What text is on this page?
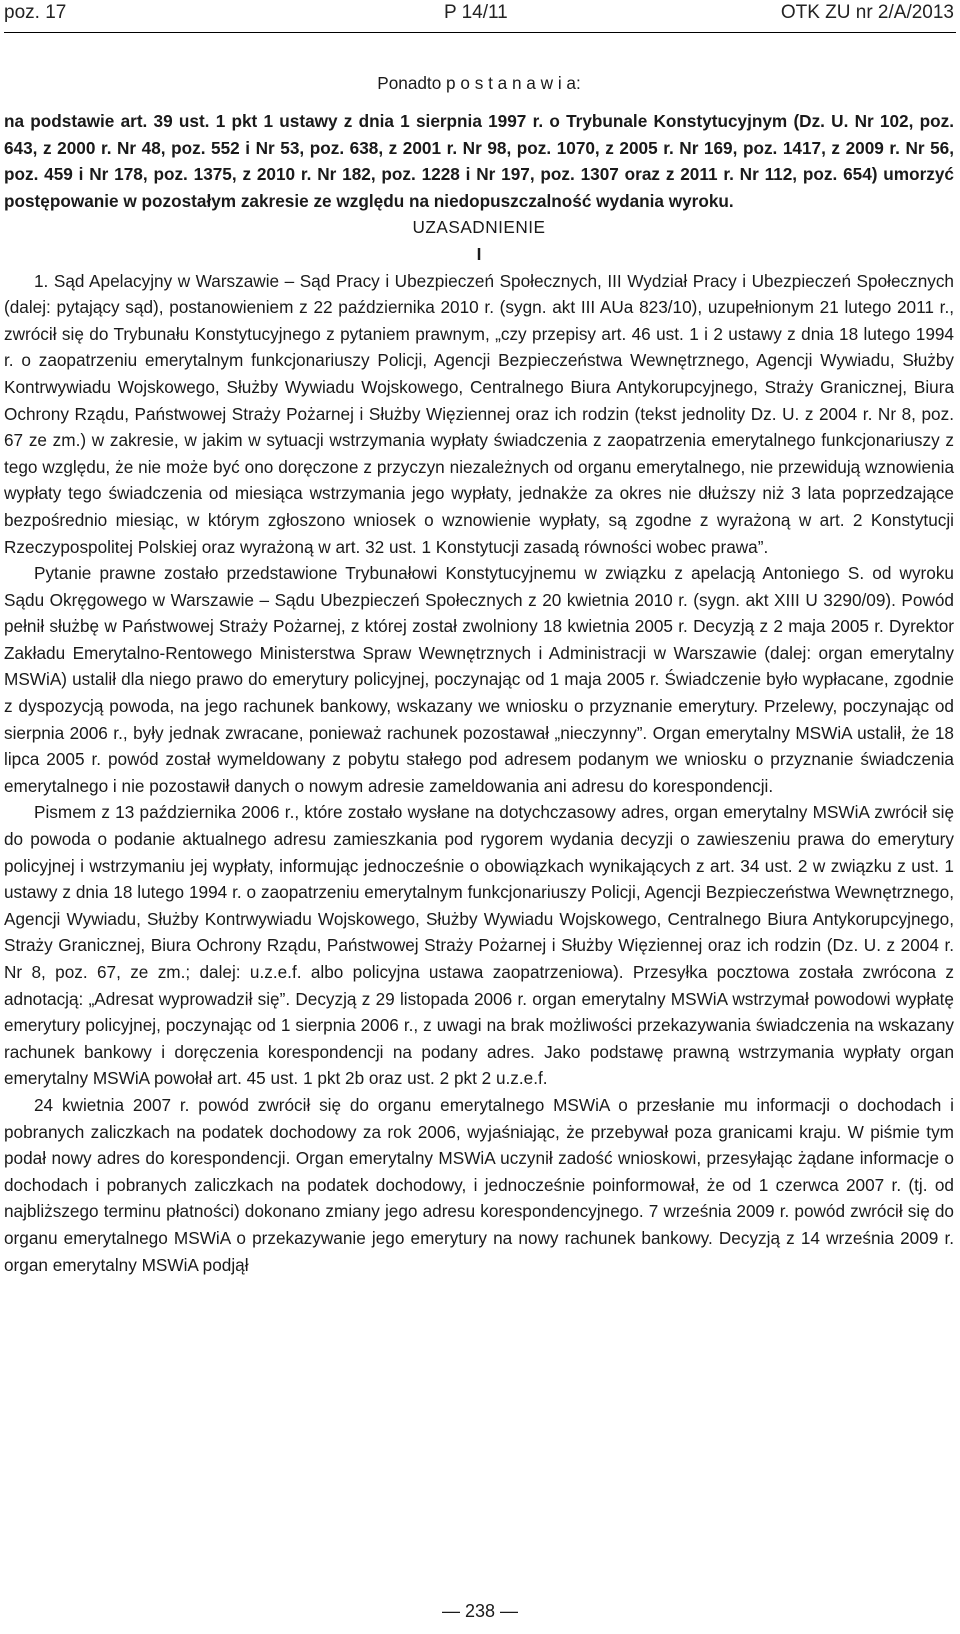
poz. 17	P 14/11	OTK ZU nr 2/A/2013

Ponadto p o s t a n a w i a:

na podstawie art. 39 ust. 1 pkt 1 ustawy z dnia 1 sierpnia 1997 r. o Trybunale Konstytucyjnym (Dz. U. Nr 102, poz. 643, z 2000 r. Nr 48, poz. 552 i Nr 53, poz. 638, z 2001 r. Nr 98, poz. 1070, z 2005 r. Nr 169, poz. 1417, z 2009 r. Nr 56, poz. 459 i Nr 178, poz. 1375, z 2010 r. Nr 182, poz. 1228 i Nr 197, poz. 1307 oraz z 2011 r. Nr 112, poz. 654) umorzyć postępowanie w pozostałym zakresie ze względu na niedopuszczalność wydania wyroku.

UZASADNIENIE

I

1. Sąd Apelacyjny w Warszawie – Sąd Pracy i Ubezpieczeń Społecznych, III Wydział Pracy i Ubezpieczeń Społecznych (dalej: pytający sąd), postanowieniem z 22 października 2010 r. (sygn. akt III AUa 823/10), uzupełnionym 21 lutego 2011 r., zwrócił się do Trybunału Konstytucyjnego z pytaniem prawnym, „czy przepisy art. 46 ust. 1 i 2 ustawy z dnia 18 lutego 1994 r. o zaopatrzeniu emerytalnym funkcjonariuszy Policji, Agencji Bezpieczeństwa Wewnętrznego, Agencji Wywiadu, Służby Kontrwywiadu Wojskowego, Służby Wywiadu Wojskowego, Centralnego Biura Antykorupcyjnego, Straży Granicznej, Biura Ochrony Rządu, Państwowej Straży Pożarnej i Służby Więziennej oraz ich rodzin (tekst jednolity Dz. U. z 2004 r. Nr 8, poz. 67 ze zm.) w zakresie, w jakim w sytuacji wstrzymania wypłaty świadczenia z zaopatrzenia emerytalnego funkcjonariuszy z tego względu, że nie może być ono doręczone z przyczyn niezależnych od organu emerytalnego, nie przewidują wznowienia wypłaty tego świadczenia od miesiąca wstrzymania jego wypłaty, jednakże za okres nie dłuższy niż 3 lata poprzedzające bezpośrednio miesiąc, w którym zgłoszono wniosek o wznowienie wypłaty, są zgodne z wyrażoną w art. 2 Konstytucji Rzeczypospolitej Polskiej oraz wyrażoną w art. 32 ust. 1 Konstytucji zasadą równości wobec prawa”.

Pytanie prawne zostało przedstawione Trybunałowi Konstytucyjnemu w związku z apelacją Antoniego S. od wyroku Sądu Okręgowego w Warszawie – Sądu Ubezpieczeń Społecznych z 20 kwietnia 2010 r. (sygn. akt XIII U 3290/09). Powód pełnił służbę w Państwowej Straży Pożarnej, z której został zwolniony 18 kwietnia 2005 r. Decyzją z 2 maja 2005 r. Dyrektor Zakładu Emerytalno-Rentowego Ministerstwa Spraw Wewnętrznych i Administracji w Warszawie (dalej: organ emerytalny MSWiA) ustalił dla niego prawo do emerytury policyjnej, poczynając od 1 maja 2005 r. Świadczenie było wypłacane, zgodnie z dyspozycją powoda, na jego rachunek bankowy, wskazany we wniosku o przyznanie emerytury. Przelewy, poczynając od sierpnia 2006 r., były jednak zwracane, ponieważ rachunek pozostawał „nieczynny”. Organ emerytalny MSWiA ustalił, że 18 lipca 2005 r. powód został wymeldowany z pobytu stałego pod adresem podanym we wniosku o przyznanie świadczenia emerytalnego i nie pozostawił danych o nowym adresie zameldowania ani adresu do korespondencji.

Pismem z 13 października 2006 r., które zostało wysłane na dotychczasowy adres, organ emerytalny MSWiA zwrócił się do powoda o podanie aktualnego adresu zamieszkania pod rygorem wydania decyzji o zawieszeniu prawa do emerytury policyjnej i wstrzymaniu jej wypłaty, informując jednocześnie o obowiązkach wynikających z art. 34 ust. 2 w związku z ust. 1 ustawy z dnia 18 lutego 1994 r. o zaopatrzeniu emerytalnym funkcjonariuszy Policji, Agencji Bezpieczeństwa Wewnętrznego, Agencji Wywiadu, Służby Kontrwywiadu Wojskowego, Służby Wywiadu Wojskowego, Centralnego Biura Antykorupcyjnego, Straży Granicznej, Biura Ochrony Rządu, Państwowej Straży Pożarnej i Służby Więziennej oraz ich rodzin (Dz. U. z 2004 r. Nr 8, poz. 67, ze zm.; dalej: u.z.e.f. albo policyjna ustawa zaopatrzeniowa). Przesyłka pocztowa została zwrócona z adnotacją: „Adresat wyprowadził się”. Decyzją z 29 listopada 2006 r. organ emerytalny MSWiA wstrzymał powodowi wypłatę emerytury policyjnej, poczynając od 1 sierpnia 2006 r., z uwagi na brak możliwości przekazywania świadczenia na wskazany rachunek bankowy i doręczenia korespondencji na podany adres. Jako podstawę prawną wstrzymania wypłaty organ emerytalny MSWiA powołał art. 45 ust. 1 pkt 2b oraz ust. 2 pkt 2 u.z.e.f.

24 kwietnia 2007 r. powód zwrócił się do organu emerytalnego MSWiA o przesłanie mu informacji o dochodach i pobranych zaliczkach na podatek dochodowy za rok 2006, wyjaśniając, że przebywał poza granicami kraju. W piśmie tym podał nowy adres do korespondencji. Organ emerytalny MSWiA uczynił zadość wnioskowi, przesyłając żądane informacje o dochodach i pobranych zaliczkach na podatek dochodowy, i jednocześnie poinformował, że od 1 czerwca 2007 r. (tj. od najbliższego terminu płatności) dokonano zmiany jego adresu korespondencyjnego. 7 września 2009 r. powód zwrócił się do organu emerytalnego MSWiA o przekazywanie jego emerytury na nowy rachunek bankowy. Decyzją z 14 września 2009 r. organ emerytalny MSWiA podjął

— 238 —
